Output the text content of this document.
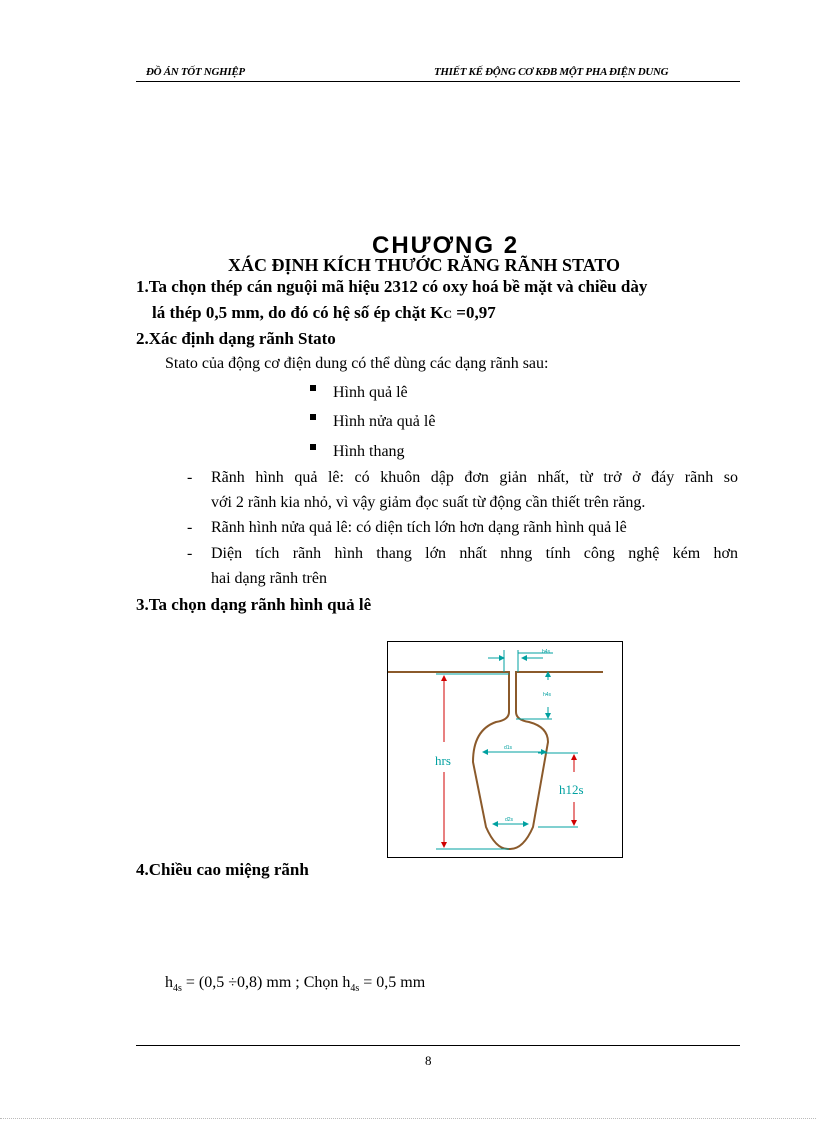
ĐỒ ÁN TỐT NGHIỆP	THIẾT KẾ ĐỘNG CƠ KĐB MỘT PHA ĐIỆN DUNG
CHƯƠNG 2
XÁC ĐỊNH KÍCH THƯỚC RĂNG RÃNH STATO
1.Ta chọn thép cán nguội mã hiệu 2312 có oxy hoá bề mặt và chiều dày
lá thép 0,5 mm, do đó có hệ số ép chặt KC =0,97
2.Xác định dạng rãnh Stato
Stato của động cơ điện dung có thể dùng các dạng rãnh sau:
Hình quả lê
Hình nửa quả lê
Hình thang
- Rãnh hình quả lê: có khuôn dập đơn giản nhất, từ trở ở đáy rãnh so
với 2 rãnh kia nhỏ, vì vậy giảm đọc suất từ động cần thiết trên răng.
- Rãnh hình nửa quả lê: có diện tích lớn hơn dạng rãnh hình quả lê
- Diện tích rãnh hình thang lớn nhất nhng tính công nghệ kém hơn
hai dạng rãnh trên
3.Ta chọn dạng rãnh hình quả lê
hrs
h12s
b4s
h4s
d1s
d2s
4.Chiều cao miệng rãnh
$h_{4s} = (0,5 \div 0,8)$ mm ; Chọn $h_{4s} = 0,5$ mm
8
